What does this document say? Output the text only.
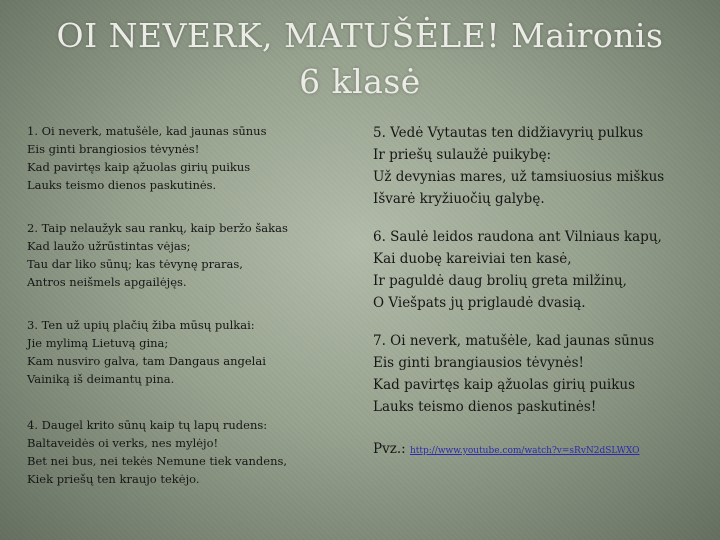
OI NEVERK, MATUŠĖLE! Maironis
6 klasė
1. Oi neverk, matušėle, kad jaunas sūnus
Eis ginti brangiosios tėvynės!
Kad pavirtęs kaip ąžuolas girių puikus
Lauks teismo dienos paskutinės.
2. Taip nelaužyk sau rankų, kaip beržo šakas
Kad laužo užrūstintas vėjas;
Tau dar liko sūnų; kas tėvynę praras,
Antros neišmels apgailėjęs.
3. Ten už upių plačių žiba mūsų pulkai:
Jie mylimą Lietuvą gina;
Kam nusviro galva, tam Dangaus angelai
Vainiką iš deimantų pina.
4. Daugel krito sūnų kaip tų lapų rudens:
Baltaveidės oi verks, nes mylėjo!
Bet nei bus, nei tekės Nemune tiek vandens,
Kiek priešų ten kraujo tekėjo.
5. Vedė Vytautas ten didžiavyrių pulkus
Ir priešų sulaužė puikybę:
Už devynias mares, už tamsiuosius miškus
Išvarė kryžiuočių galybę.
6. Saulė leidos raudona ant Vilniaus kapų,
Kai duobę kareiviai ten kasė,
Ir paguldė daug brolių greta milžinų,
O Viešpats jų priglaudė dvasią.
7. Oi neverk, matušėle, kad jaunas sūnus
Eis ginti brangiausios tėvynės!
Kad pavirtęs kaip ąžuolas girių puikus
Lauks teismo dienos paskutinės!
Pvz.: http://www.youtube.com/watch?v=sRvN2dSLWXO
